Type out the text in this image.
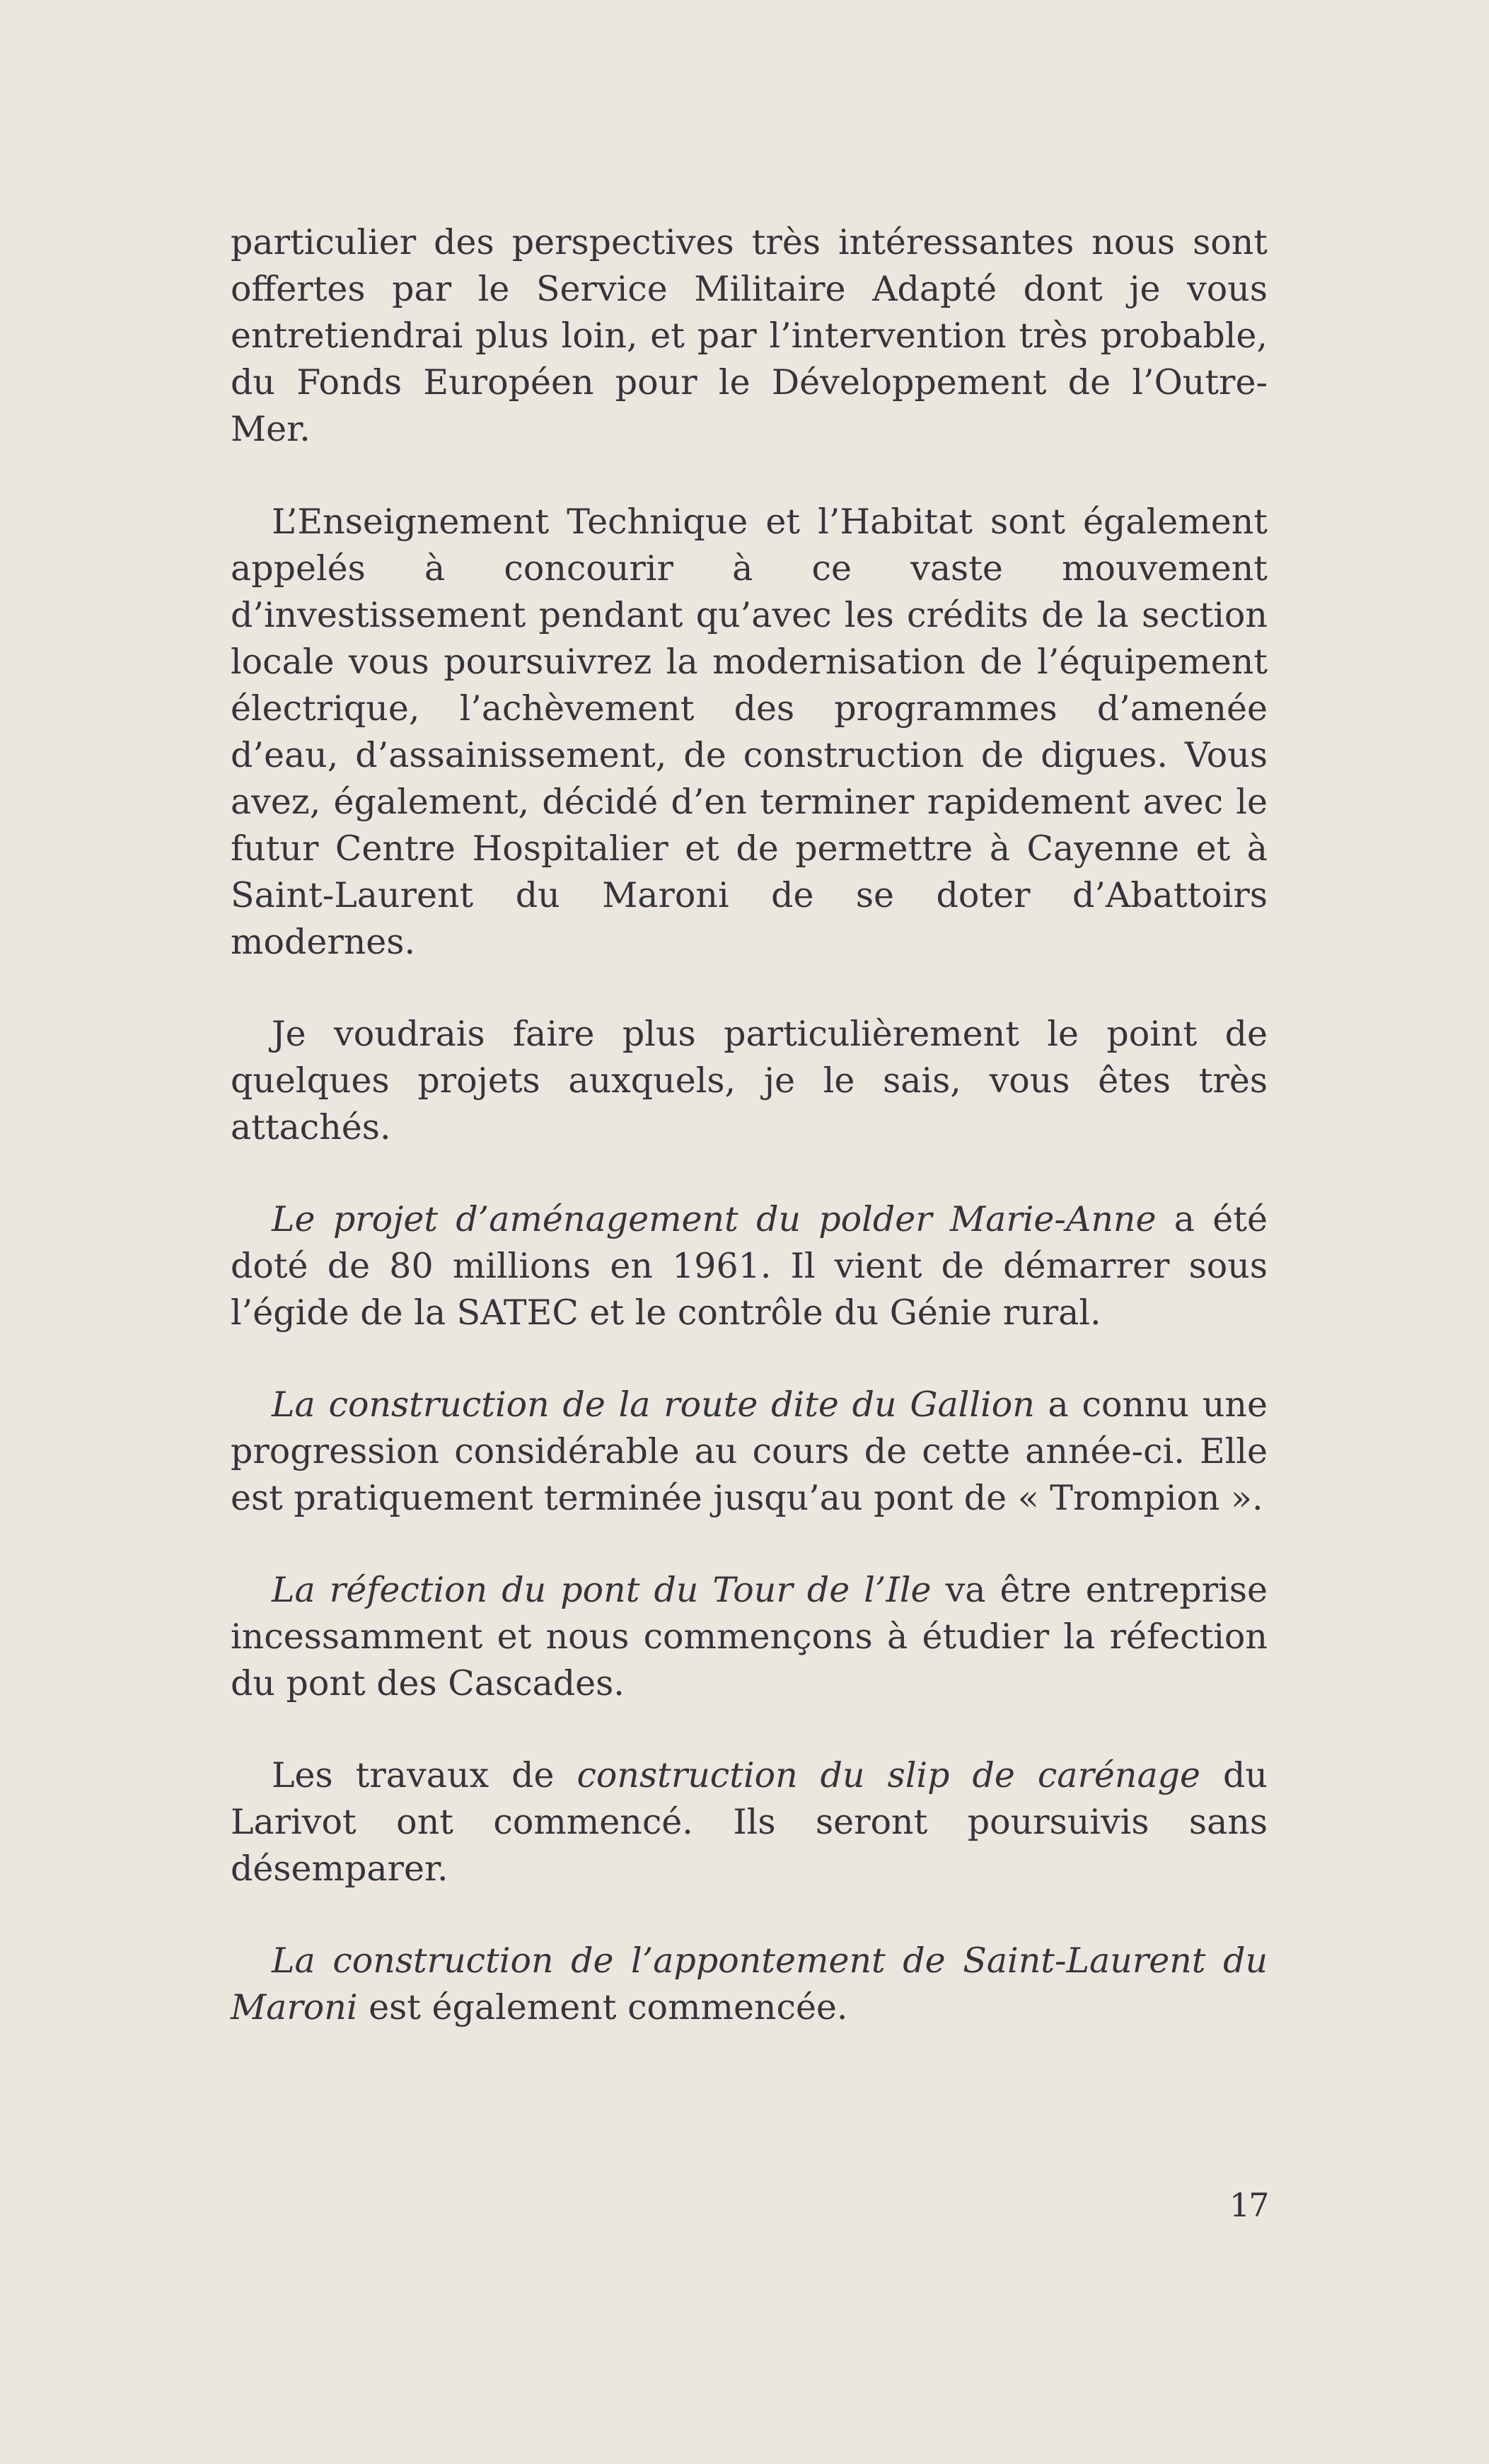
particulier des perspectives très intéressantes nous sont offertes par le Service Militaire Adapté dont je vous entretiendrai plus loin, et par l’intervention très probable, du Fonds Européen pour le Développement de l’Outre-Mer.

L’Enseignement Technique et l’Habitat sont également appelés à concourir à ce vaste mouvement d’investissement pendant qu’avec les crédits de la section locale vous poursuivrez la modernisation de l’équipement électrique, l’achèvement des programmes d’amenée d’eau, d’assainissement, de construction de digues. Vous avez, également, décidé d’en terminer rapidement avec le futur Centre Hospitalier et de permettre à Cayenne et à Saint-Laurent du Maroni de se doter d’Abattoirs modernes.

Je voudrais faire plus particulièrement le point de quelques projets auxquels, je le sais, vous êtes très attachés.

Le projet d’aménagement du polder Marie-Anne a été doté de 80 millions en 1961. Il vient de démarrer sous l’égide de la SATEC et le contrôle du Génie rural.

La construction de la route dite du Gallion a connu une progression considérable au cours de cette année-ci. Elle est pratiquement terminée jusqu’au pont de « Trompion ».

La réfection du pont du Tour de l’Ile va être entreprise incessamment et nous commençons à étudier la réfection du pont des Cascades.

Les travaux de construction du slip de carénage du Larivot ont commencé. Ils seront poursuivis sans désemparer.

La construction de l’appontement de Saint-Laurent du Maroni est également commencée.

17
